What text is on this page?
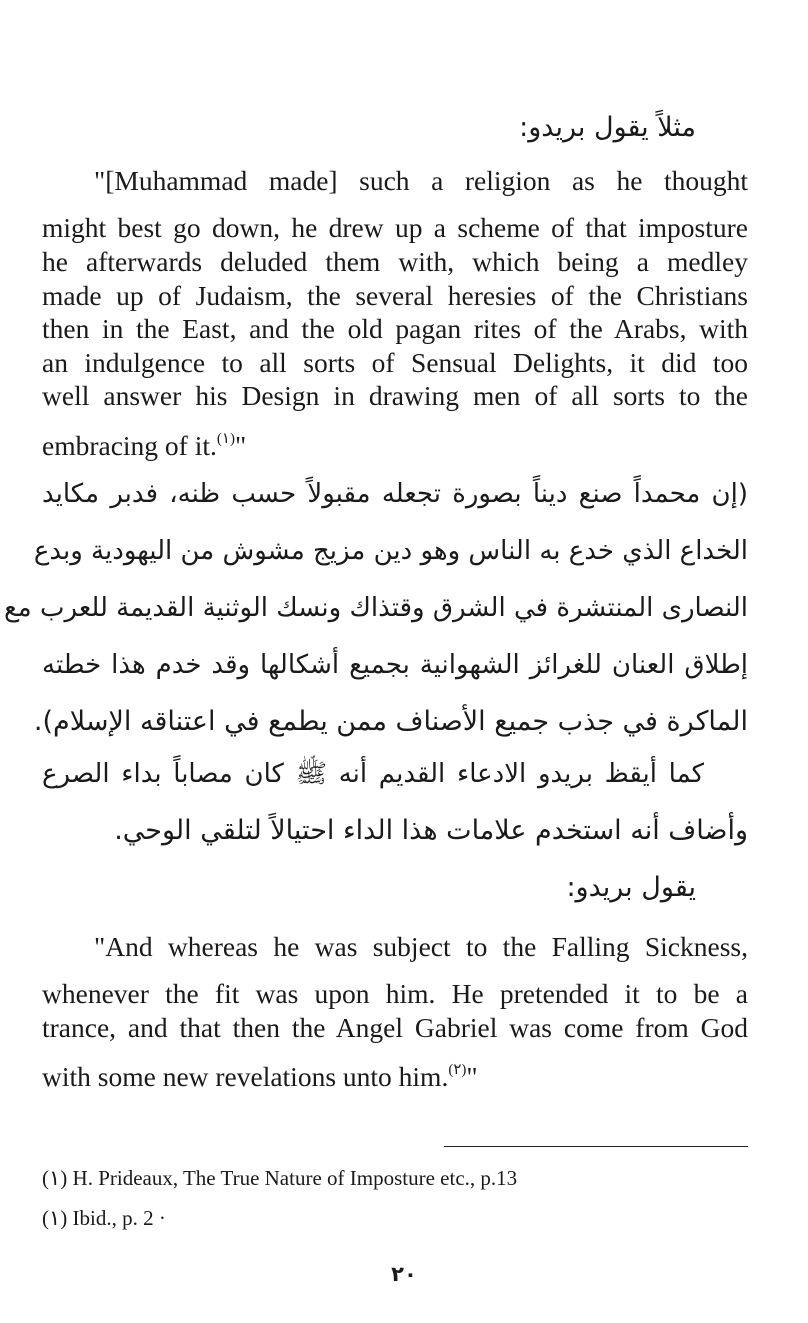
مثلاً يقول بريدو:
"[Muhammad made] such a religion as he thought
might best go down, he drew up a scheme of that imposture
he afterwards deluded them with, which being a medley
made up of Judaism, the several heresies of the Christians
then in the East, and the old pagan rites of the Arabs, with
an indulgence to all sorts of Sensual Delights, it did too
well answer his Design in drawing men of all sorts to the
embracing of it.$^{(١)}$"
(إن محمداً صنع ديناً بصورة تجعله مقبولاً حسب ظنه، فدبر مكايد
الخداع الذي خدع به الناس وهو دين مزيج مشوش من اليهودية وبدع
النصارى المنتشرة في الشرق وقتذاك ونسك الوثنية القديمة للعرب مع
إطلاق العنان للغرائز الشهوانية بجميع أشكالها وقد خدم هذا خطته
الماكرة في جذب جميع الأصناف ممن يطمع في اعتناقه الإسلام).
كما أيقظ بريدو الادعاء القديم أنه ﷺ كان مصاباً بداء الصرع
وأضاف أنه استخدم علامات هذا الداء احتيالاً لتلقي الوحي.
يقول بريدو:
"And whereas he was subject to the Falling Sickness,
whenever the fit was upon him. He pretended it to be a
trance, and that then the Angel Gabriel was come from God
with some new revelations unto him.$^{(٢)}$"
(١) H. Prideaux, The True Nature of Imposture etc., p.13
(١) Ibid., p. 2 ·
٢٠
